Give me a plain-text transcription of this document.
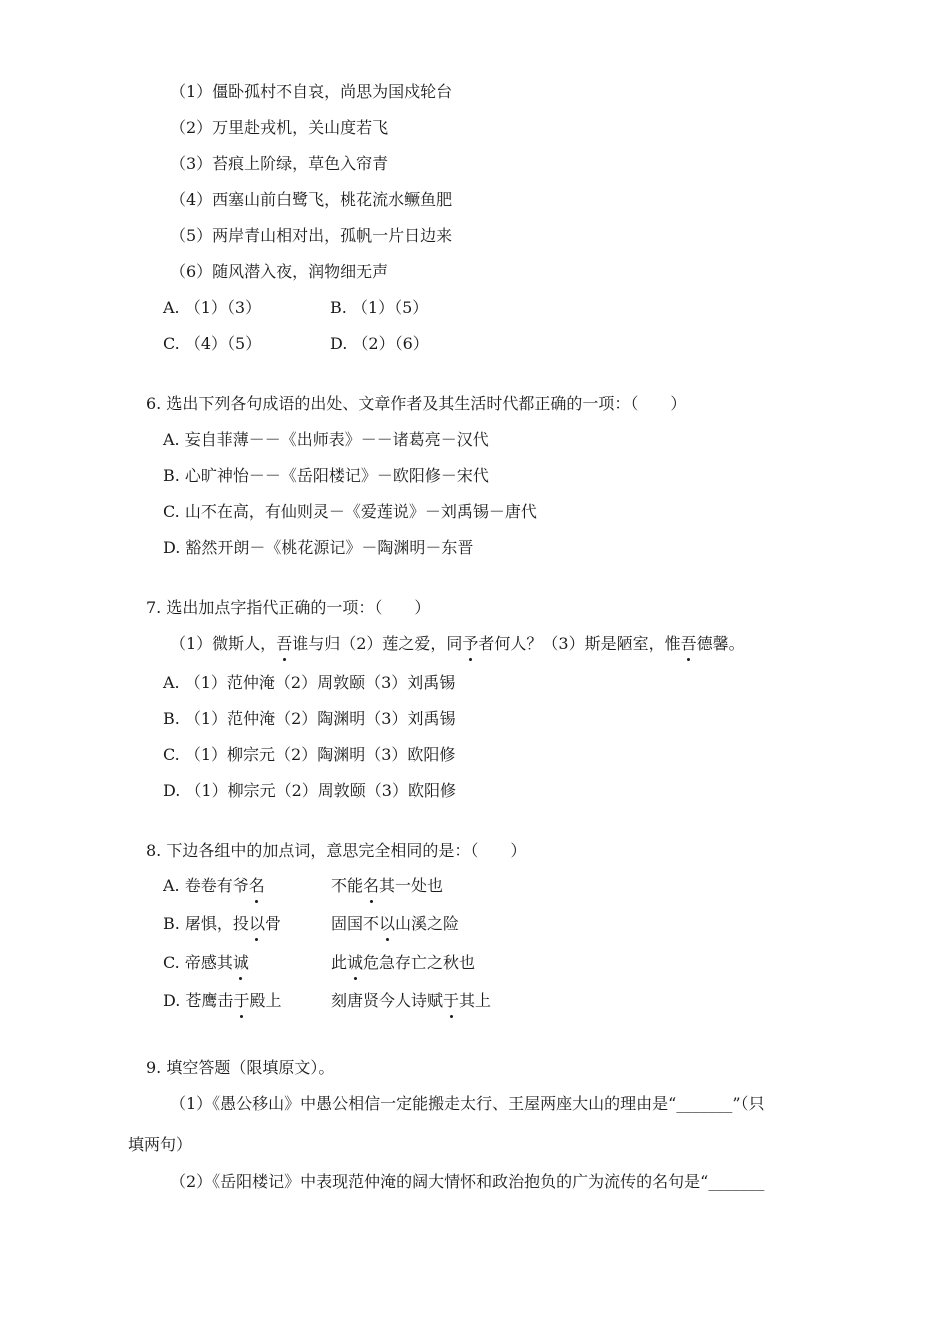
（1）僵卧孤村不自哀，尚思为国戍轮台
（2）万里赴戎机，关山度若飞
（3）苔痕上阶绿，草色入帘青
（4）西塞山前白鹭飞，桃花流水鳜鱼肥
（5）两岸青山相对出，孤帆一片日边来
（6）随风潜入夜，润物细无声
A. （1）（3）	B. （1）（5）
C. （4）（5）	D. （2）（6）
6. 选出下列各句成语的出处、文章作者及其生活时代都正确的一项：（　　）
A. 妄自菲薄－－《出师表》－－诸葛亮－汉代
B. 心旷神怡－－《岳阳楼记》－欧阳修－宋代
C. 山不在高，有仙则灵－《爱莲说》－刘禹锡－唐代
D. 豁然开朗－《桃花源记》－陶渊明－东晋
7. 选出加点字指代正确的一项：（　　）
（1）微斯人，吾谁与归（2）莲之爱，同予者何人？（3）斯是陋室，惟吾德馨。
A. （1）范仲淹（2）周敦颐（3）刘禹锡
B. （1）范仲淹（2）陶渊明（3）刘禹锡
C. （1）柳宗元（2）陶渊明（3）欧阳修
D. （1）柳宗元（2）周敦颐（3）欧阳修
8. 下边各组中的加点词，意思完全相同的是：（　　）
A. 卷卷有爷名	不能名其一处也
B. 屠惧，投以骨	固国不以山溪之险
C. 帝感其诚	此诚危急存亡之秋也
D. 苍鹰击于殿上	刻唐贤今人诗赋于其上
9. 填空答题（限填原文）。
（1）《愚公移山》中愚公相信一定能搬走太行、王屋两座大山的理由是“_______”（只
填两句）
（2）《岳阳楼记》中表现范仲淹的阔大情怀和政治抱负的广为流传的名句是“_______
